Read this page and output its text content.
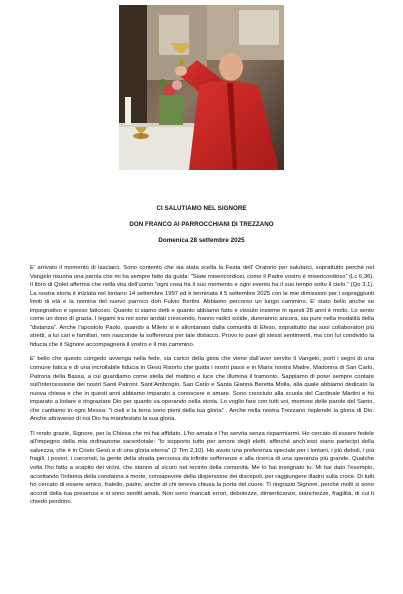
CI SALUTIAMO NEL SIGNORE
DON FRANCO AI PARROCCHIANI DI TREZZANO
Domenica 28 settembre 2025

E’ arrivato il momento di lasciarci. Sono contento che sia stata scelta la Festa dell’ Oratorio per salutarci, soprattutto perché nel Vangelo risuona una parola che mi ha sempre fatto da guida: “Siate misericordiosi, come il Padre vostro è misericordioso” (Lc 6,36). Il libro di Qolet afferma che nella vita dell’uomo “ogni cosa ha il suo momento e ogni evento ha il suo tempo sotto il cielo.” (Qo 3,1). La nostra storia è iniziata nel lontano 14 settembre 1997 ed è terminata il 5 settembre 2025 con le mie dimissioni per i sopraggiunti limiti di età e la nomina del nuovo parroco don Fulvio Bertini. Abbiamo percorso un lungo cammino. E’ stato bello anche se impegnativo e spesso faticoso. Quanto ci siamo detti e quanto abbiamo fatto e vissuto insieme in questi 28 anni è molto. Lo sento come un dono di grazia. I legami tra noi sono andati crescendo, hanno radici solide, dureranno ancora, sia pure nella modalità della “distanza”. Anche l’apostolo Paolo, quando a Mileto si è allontanato dalla comunità di Efeso, soprattutto dai suoi collaboratori più stretti, a lui cari e familiari, non nasconde la sofferenza per tale distacco. Provo io pure gli stessi sentimenti, ma con lui condivido la fiducia che il Signore accompagnerà il vostro e il mio cammino.

E’ bello che questo congedo avvenga nella fede, sia carico della gioia che viene dall’aver servito il Vangelo, porti i segni di una comune fatica e di una incrollabile fiducia in Gesù Risorto che guida i nostri passi e in Maria nostra Madre, Madonna di San Carlo, Patrona della Bassa, a cui guardiamo come stella del mattino e luce che illumina il tramonto. Sappiamo di poter sempre contare sull’intercessione dei nostri Santi Patroni: Sant’Ambrogio, San Carlo e Santa Gianna Beretta Molla, alla quale abbiamo dedicato la nuova chiesa e che in questi anni abbiamo imparato a conoscere e amare. Sono cresciuto alla scuola del Cardinale Martini e ho imparato a lodare e ringraziare Dio per quanto va operando nella storia. Lo voglio fare con tutti voi, memore delle parole del Santo, che cantiamo in ogni Messa: “i cieli e la terra sono pieni della tua gloria” . Anche nella nostra Trezzano risplende la gloria di Dio. Anche attraverso di noi Dio ha manifestato la sua gloria.

Ti rendo grazie, Signore, per la Chiesa che mi hai affidato. L’ho amata e l’ho servita senza risparmiarmi. Ho cercato di essere fedele all’impegno della mia ordinazione sacerdotale: “Io sopporto tutto per amore degli eletti, affinché anch’essi siano partecipi della salvezza, che è in Cristo Gesù e di una gloria eterna” (2 Tim 2,10). Ho avuto una preferenza speciale per i lontani, i più deboli, i più fragili, i poveri, i carcerati, la gente della strada percossa da infinite sofferenze e alla ricerca di una speranza più grande. Qualche volta l’ho fatto a scapito dei vicini, che stanno al sicuro nel recinto della comunità. Me lo hai insegnato tu. Mi hai dato l’esempio, accettando l’infamia della condanna a morte, consapevole della dispersione dei discepoli, per raggiungere illadro sulla croce. Di tutti ho cercato di essere amico, fratello, padre, anche di chi teneva chiusa la porta del cuore. Ti ringrazio Signore, perché molti si sono accorti della tua presenza e si sono sentiti amati. Non sono mancati errori, debolezze, dimenticanze, stanchezze, fragilità, di cui ti chiedo perdono.
